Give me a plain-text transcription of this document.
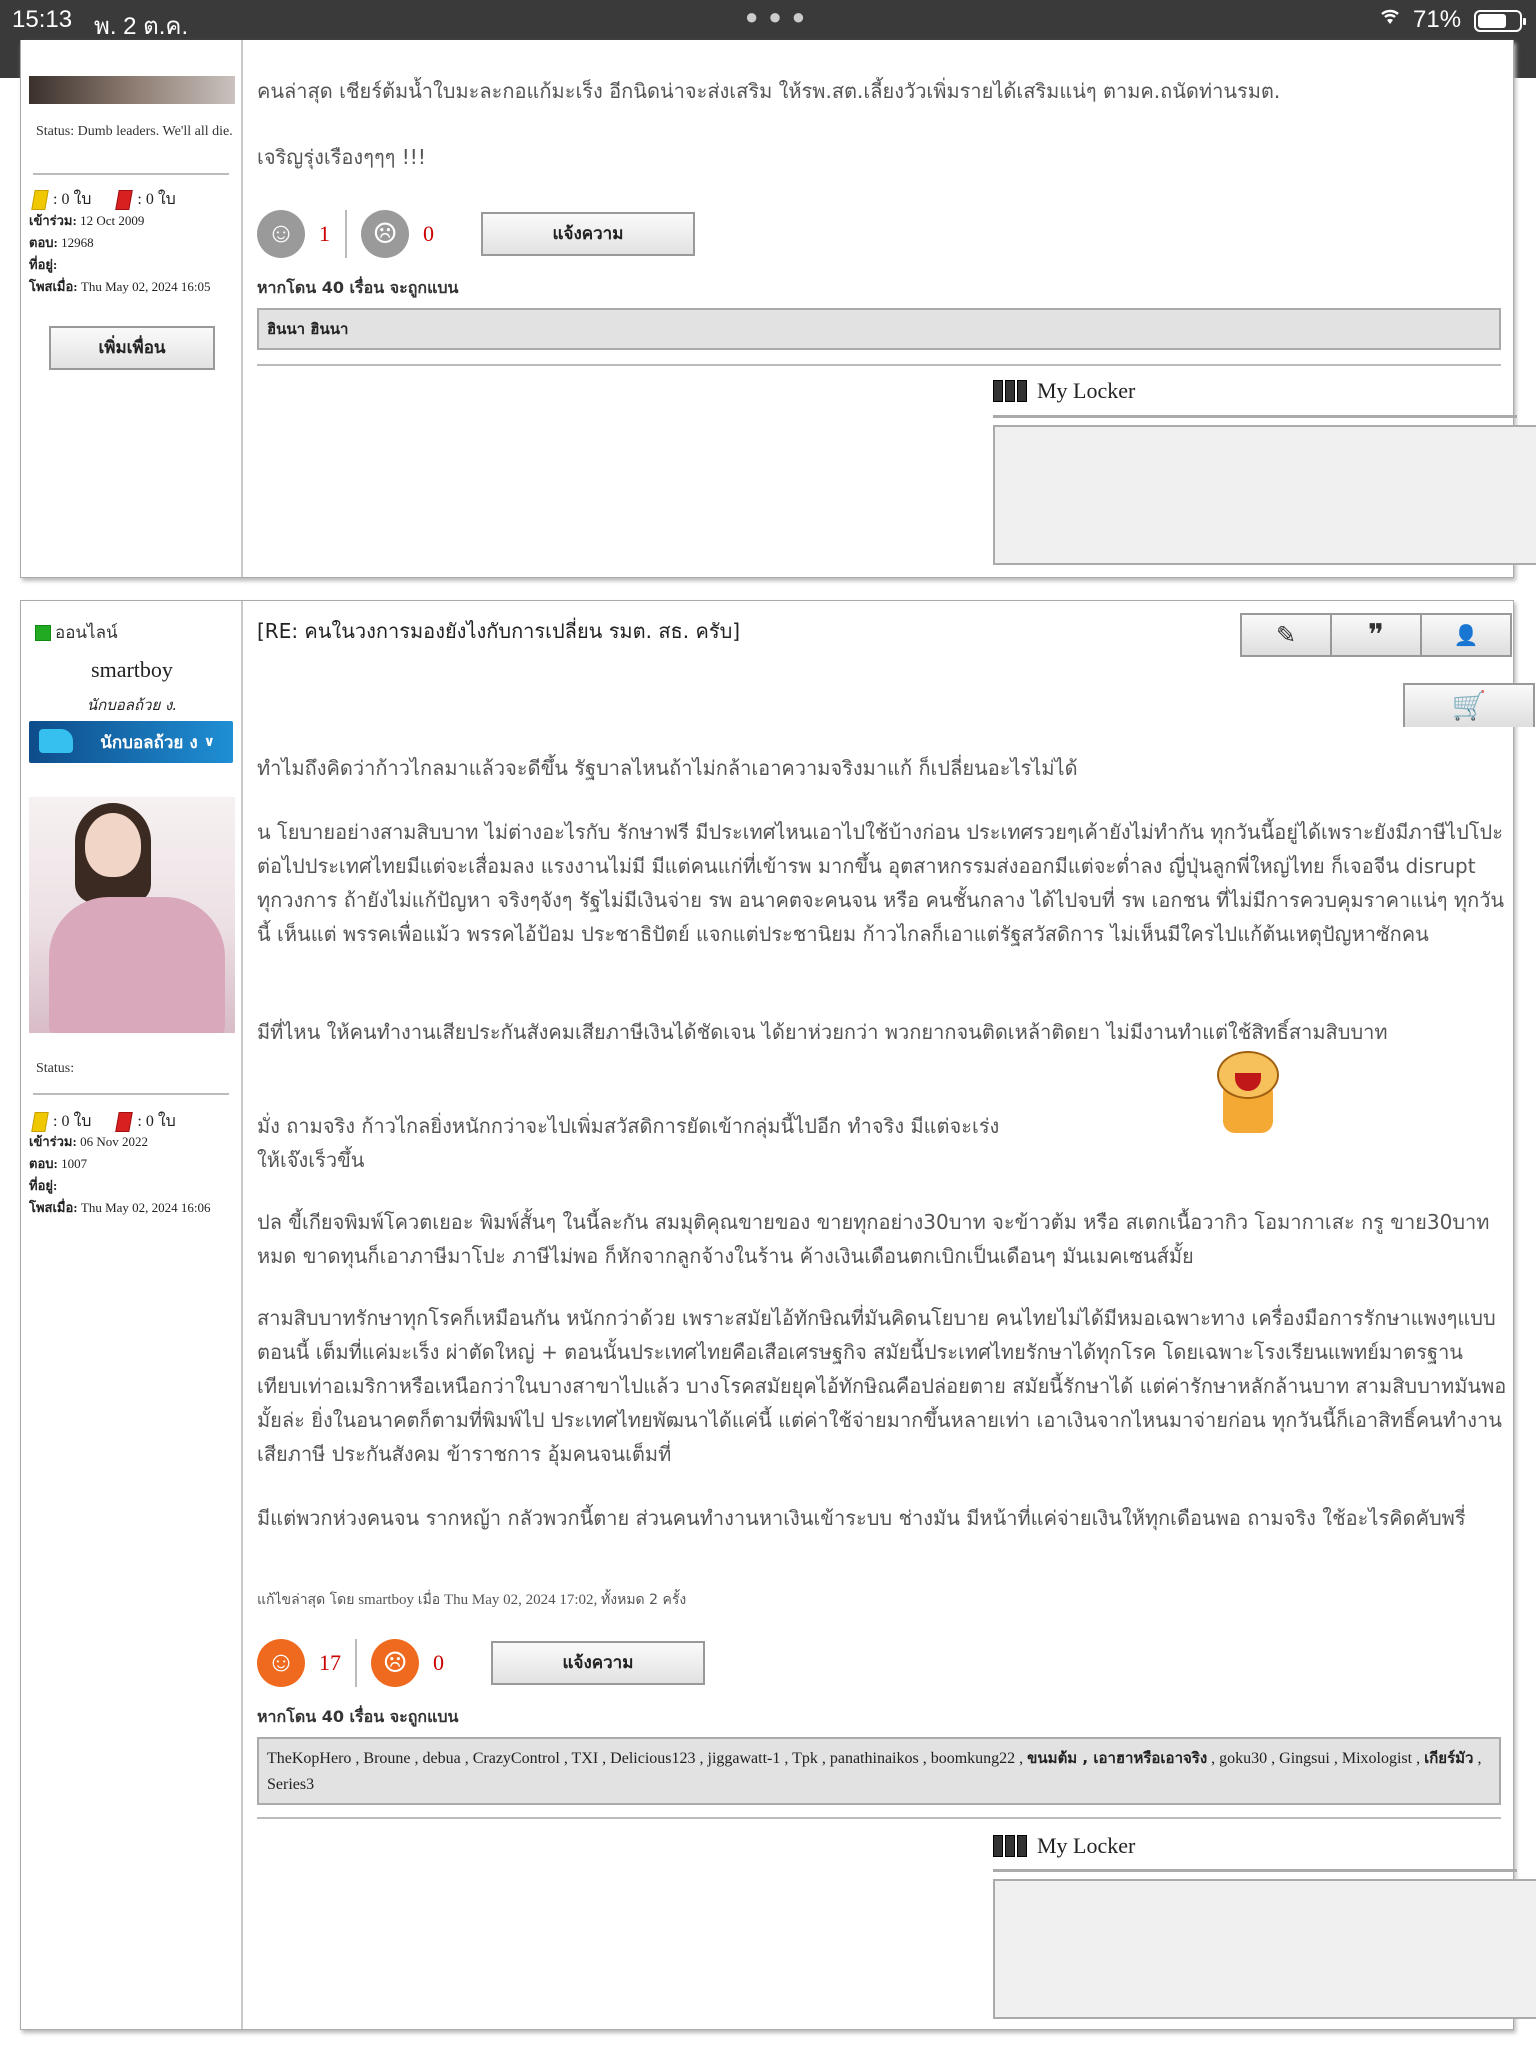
15:13 พ. 2 ต.ค.	● ● ●	71%
Status: Dumb leaders. We'll all die.
: 0 ใบ	: 0 ใบ
เข้าร่วม: 12 Oct 2009
ตอบ: 12968
ที่อยู่:
โพสเมื่อ: Thu May 02, 2024 16:05
เพิ่มเพื่อน
คนล่าสุด เชียร์ต้มน้ำใบมะละกอแก้มะเร็ง อีกนิดน่าจะส่งเสริม ให้รพ.สต.เลี้ยงวัวเพิ่มรายได้เสริมแน่ๆ ตามค.ถนัดท่านรมต.
เจริญรุ่งเรืองๆๆๆ !!!
☺	1	☹	0	แจ้งความ
หากโดน 40 เรื่อน จะถูกแบน
ฮินนา ฮินนา
My Locker
ออนไลน์
smartboy
นักบอลถ้วย ง.
นักบอลถ้วย ง ∨
Status:
: 0 ใบ	: 0 ใบ
เข้าร่วม: 06 Nov 2022
ตอบ: 1007
ที่อยู่:
โพสเมื่อ: Thu May 02, 2024 16:06
[RE: คนในวงการมองยังไงกับการเปลี่ยน รมต. สธ. ครับ]	✎ ❞	👤
🛒
ทำไมถึงคิดว่าก้าวไกลมาแล้วจะดีขึ้น รัฐบาลไหนถ้าไม่กล้าเอาความจริงมาแก้ ก็เปลี่ยนอะไรไม่ได้
น โยบายอย่างสามสิบบาท ไม่ต่างอะไรกับ รักษาฟรี มีประเทศไหนเอาไปใช้บ้างก่อน ประเทศรวยๆเค้ายังไม่ทำกัน ทุกวันนี้อยู่ได้เพราะยังมีภาษีไปโปะ ต่อไปประเทศไทยมีแต่จะเสื่อมลง แรงงานไม่มี มีแต่คนแก่ที่เข้ารพ มากขึ้น อุตสาหกรรมส่งออกมีแต่จะต่ำลง ญี่ปุ่นลูกพี่ใหญ่ไทย ก็เจอจีน disrupt ทุกวงการ ถ้ายังไม่แก้ปัญหา จริงๆจังๆ รัฐไม่มีเงินจ่าย รพ อนาคตจะคนจน หรือ คนชั้นกลาง ได้ไปจบที่ รพ เอกชน ที่ไม่มีการควบคุมราคาแน่ๆ ทุกวันนี้ เห็นแต่ พรรคเพื่อแม้ว พรรคไอ้ป้อม ประชาธิปัตย์ แจกแต่ประชานิยม ก้าวไกลก็เอาแต่รัฐสวัสดิการ ไม่เห็นมีใครไปแก้ต้นเหตุปัญหาซักคน
มีที่ไหน ให้คนทำงานเสียประกันสังคมเสียภาษีเงินได้ชัดเจน ได้ยาห่วยกว่า พวกยากจนติดเหล้าติดยา ไม่มีงานทำแต่ใช้สิทธิ์สามสิบบาท
มั่ง ถามจริง ก้าวไกลยิ่งหนักกว่าจะไปเพิ่มสวัสดิการยัดเข้ากลุ่มนี้ไปอีก ทำจริง มีแต่จะเร่งให้เจ๊งเร็วขึ้น
ปล ขี้เกียจพิมพ์โควตเยอะ พิมพ์สั้นๆ ในนี้ละกัน สมมุติคุณขายของ ขายทุกอย่าง30บาท จะข้าวต้ม หรือ สเตกเนื้อวากิว โอมากาเสะ กรู ขาย30บาทหมด ขาดทุนก็เอาภาษีมาโปะ ภาษีไม่พอ ก็หักจากลูกจ้างในร้าน ค้างเงินเดือนตกเบิกเป็นเดือนๆ มันเมคเซนส์มั้ย
สามสิบบาทรักษาทุกโรคก็เหมือนกัน หนักกว่าด้วย เพราะสมัยไอ้ทักษิณที่มันคิดนโยบาย คนไทยไม่ได้มีหมอเฉพาะทาง เครื่องมือการรักษาแพงๆแบบตอนนี้ เต็มที่แค่มะเร็ง ผ่าตัดใหญ่ + ตอนนั้นประเทศไทยคือเสือเศรษฐกิจ สมัยนี้ประเทศไทยรักษาได้ทุกโรค โดยเฉพาะโรงเรียนแพทย์มาตรฐานเทียบเท่าอเมริกาหรือเหนือกว่าในบางสาขาไปแล้ว บางโรคสมัยยุคไอ้ทักษิณคือปล่อยตาย สมัยนี้รักษาได้ แต่ค่ารักษาหลักล้านบาท สามสิบบาทมันพอมั้ยล่ะ ยิ่งในอนาคตก็ตามที่พิมพ์ไป ประเทศไทยพัฒนาได้แค่นี้ แต่ค่าใช้จ่ายมากขึ้นหลายเท่า เอาเงินจากไหนมาจ่ายก่อน ทุกวันนี้ก็เอาสิทธิ์คนทำงานเสียภาษี ประกันสังคม ข้าราชการ อุ้มคนจนเต็มที่
มีแต่พวกห่วงคนจน รากหญ้า กลัวพวกนี้ตาย ส่วนคนทำงานหาเงินเข้าระบบ ช่างมัน มีหน้าที่แค่จ่ายเงินให้ทุกเดือนพอ ถามจริง ใช้อะไรคิดคับพรี่
แก้ไขล่าสุด โดย smartboy เมื่อ Thu May 02, 2024 17:02, ทั้งหมด 2 ครั้ง
☺	17	☹	0	แจ้งความ
หากโดน 40 เรื่อน จะถูกแบน
TheKopHero , Broune , debua , CrazyControl , TXI , Delicious123 , jiggawatt-1 , Tpk , panathinaikos , boomkung22 , ขนมต้ม , เอาฮาหรือเอาจริง , goku30 , Gingsui , Mixologist , เกียร์มัว , Series3
My Locker
